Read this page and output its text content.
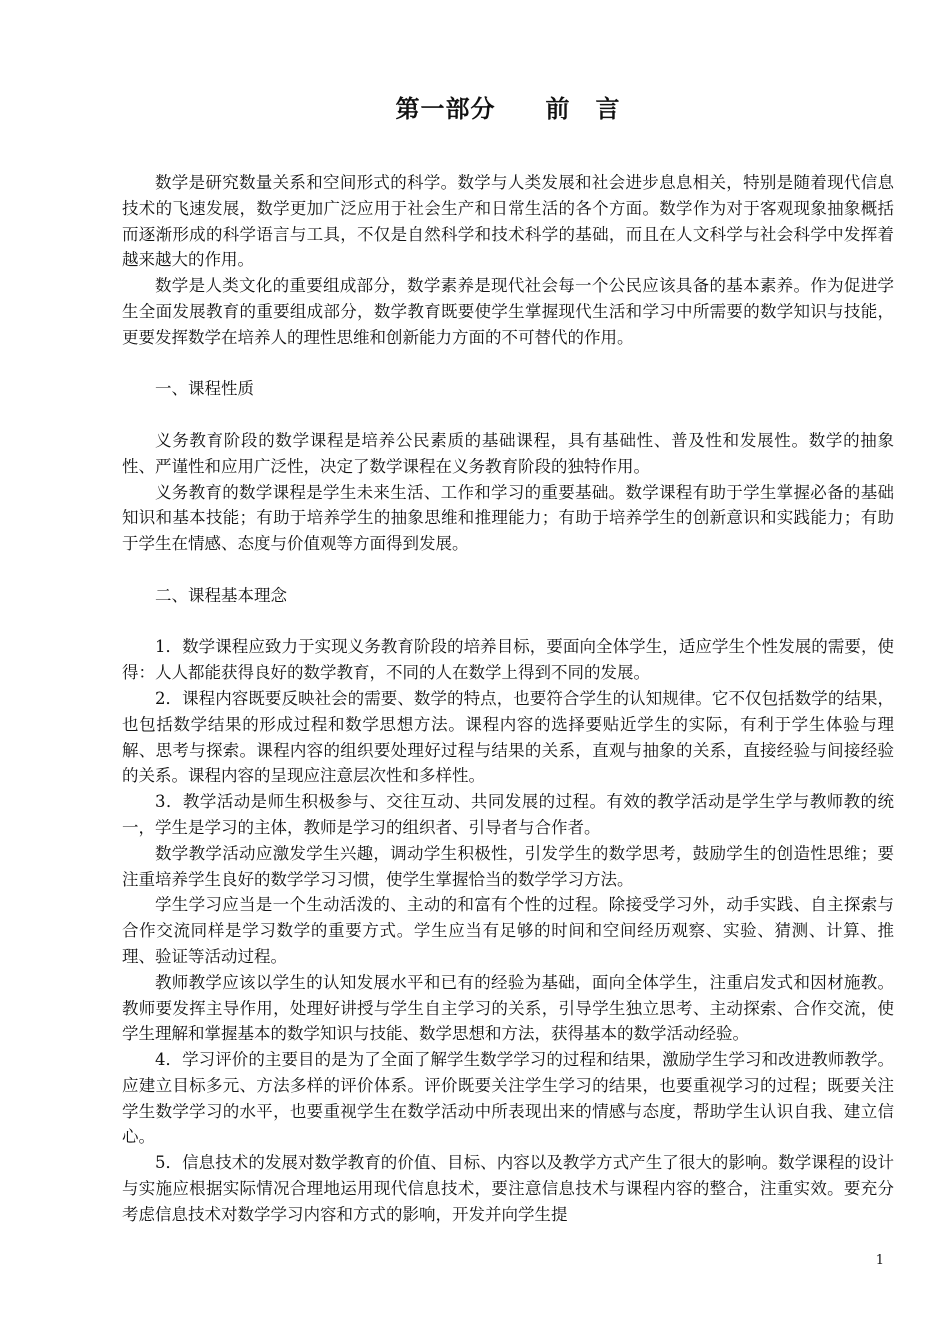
第一部分　　前　言

数学是研究数量关系和空间形式的科学。数学与人类发展和社会进步息息相关，特别是随着现代信息技术的飞速发展，数学更加广泛应用于社会生产和日常生活的各个方面。数学作为对于客观现象抽象概括而逐渐形成的科学语言与工具，不仅是自然科学和技术科学的基础，而且在人文科学与社会科学中发挥着越来越大的作用。

数学是人类文化的重要组成部分，数学素养是现代社会每一个公民应该具备的基本素养。作为促进学生全面发展教育的重要组成部分，数学教育既要使学生掌握现代生活和学习中所需要的数学知识与技能，更要发挥数学在培养人的理性思维和创新能力方面的不可替代的作用。

一、课程性质

义务教育阶段的数学课程是培养公民素质的基础课程，具有基础性、普及性和发展性。数学的抽象性、严谨性和应用广泛性，决定了数学课程在义务教育阶段的独特作用。

义务教育的数学课程是学生未来生活、工作和学习的重要基础。数学课程有助于学生掌握必备的基础知识和基本技能；有助于培养学生的抽象思维和推理能力；有助于培养学生的创新意识和实践能力；有助于学生在情感、态度与价值观等方面得到发展。

二、课程基本理念

1．数学课程应致力于实现义务教育阶段的培养目标，要面向全体学生，适应学生个性发展的需要，使得：人人都能获得良好的数学教育，不同的人在数学上得到不同的发展。

2．课程内容既要反映社会的需要、数学的特点，也要符合学生的认知规律。它不仅包括数学的结果，也包括数学结果的形成过程和数学思想方法。课程内容的选择要贴近学生的实际，有利于学生体验与理解、思考与探索。课程内容的组织要处理好过程与结果的关系，直观与抽象的关系，直接经验与间接经验的关系。课程内容的呈现应注意层次性和多样性。

3．教学活动是师生积极参与、交往互动、共同发展的过程。有效的教学活动是学生学与教师教的统一，学生是学习的主体，教师是学习的组织者、引导者与合作者。

数学教学活动应激发学生兴趣，调动学生积极性，引发学生的数学思考，鼓励学生的创造性思维；要注重培养学生良好的数学学习习惯，使学生掌握恰当的数学学习方法。

学生学习应当是一个生动活泼的、主动的和富有个性的过程。除接受学习外，动手实践、自主探索与合作交流同样是学习数学的重要方式。学生应当有足够的时间和空间经历观察、实验、猜测、计算、推理、验证等活动过程。

教师教学应该以学生的认知发展水平和已有的经验为基础，面向全体学生，注重启发式和因材施教。教师要发挥主导作用，处理好讲授与学生自主学习的关系，引导学生独立思考、主动探索、合作交流，使学生理解和掌握基本的数学知识与技能、数学思想和方法，获得基本的数学活动经验。

4．学习评价的主要目的是为了全面了解学生数学学习的过程和结果，激励学生学习和改进教师教学。应建立目标多元、方法多样的评价体系。评价既要关注学生学习的结果，也要重视学习的过程；既要关注学生数学学习的水平，也要重视学生在数学活动中所表现出来的情感与态度，帮助学生认识自我、建立信心。

5．信息技术的发展对数学教育的价值、目标、内容以及教学方式产生了很大的影响。数学课程的设计与实施应根据实际情况合理地运用现代信息技术，要注意信息技术与课程内容的整合，注重实效。要充分考虑信息技术对数学学习内容和方式的影响，开发并向学生提

1
